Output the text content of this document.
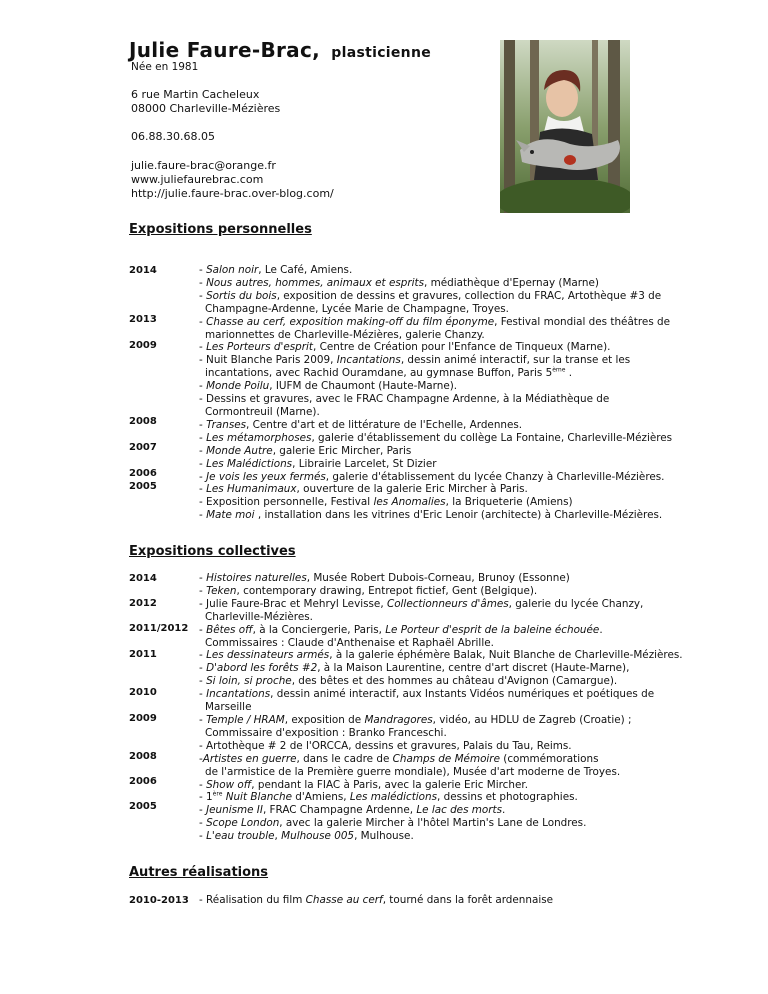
Julie Faure-Brac, plasticienne
Née en 1981
6 rue Martin Cacheleux
08000 Charleville-Mézières
06.88.30.68.05
julie.faure-brac@orange.fr
www.juliefaurebrac.com
http://julie.faure-brac.over-blog.com/
Expositions personnelles
2014
2013
2009
2008
2007
2006
2005
- Salon noir, Le Café, Amiens.
- Nous autres, hommes, animaux et esprits, médiathèque d'Epernay (Marne)
- Sortis du bois, exposition de dessins et gravures, collection du FRAC, Artothèque #3 de
Champagne-Ardenne, Lycée Marie de Champagne, Troyes.
- Chasse au cerf, exposition making-off du film éponyme, Festival mondial des théâtres de
marionnettes de Charleville-Mézières, galerie Chanzy.
- Les Porteurs d'esprit, Centre de Création pour l'Enfance de Tinqueux (Marne).
- Nuit Blanche Paris 2009, Incantations, dessin animé interactif, sur la transe et les
incantations, avec Rachid Ouramdane, au gymnase Buffon, Paris 5ème .
- Monde Poilu, IUFM de Chaumont (Haute-Marne).
- Dessins et gravures, avec le FRAC Champagne Ardenne, à la Médiathèque de
Cormontreuil (Marne).
- Transes, Centre d'art et de littérature de l'Echelle, Ardennes.
- Les métamorphoses, galerie d'établissement du collège La Fontaine, Charleville-Mézières
- Monde Autre, galerie Eric Mircher, Paris
- Les Malédictions, Librairie Larcelet, St Dizier
- Je vois les yeux fermés, galerie d'établissement du lycée Chanzy à Charleville-Mézières.
- Les Humanimaux, ouverture de la galerie Eric Mircher à Paris.
- Exposition personnelle, Festival les Anomalies, la Briqueterie (Amiens)
- Mate moi , installation dans les vitrines d'Eric Lenoir (architecte) à Charleville-Mézières.
Expositions collectives
2014
2012
2011/2012
2011
2010
2009
2008
2006
2005
- Histoires naturelles, Musée Robert Dubois-Corneau, Brunoy (Essonne)
- Teken, contemporary drawing, Entrepot fictief, Gent (Belgique).
- Julie Faure-Brac et Mehryl Levisse, Collectionneurs d'âmes, galerie du lycée Chanzy,
Charleville-Mézières.
- Bêtes off, à la Conciergerie, Paris, Le Porteur d'esprit de la baleine échouée.
Commissaires : Claude d'Anthenaise et Raphaël Abrille.
- Les dessinateurs armés, à la galerie éphémère Balak, Nuit Blanche de Charleville-Mézières.
- D'abord les forêts #2, à la Maison Laurentine, centre d'art discret (Haute-Marne),
- Si loin, si proche, des bêtes et des hommes au château d'Avignon (Camargue).
- Incantations, dessin animé interactif, aux Instants Vidéos numériques et poétiques de
Marseille
- Temple / HRAM, exposition de Mandragores, vidéo, au HDLU de Zagreb (Croatie) ;
Commissaire d'exposition : Branko Franceschi.
- Artothèque # 2 de l'ORCCA, dessins et gravures, Palais du Tau, Reims.
-Artistes en guerre, dans le cadre de Champs de Mémoire (commémorations
de l'armistice de la Première guerre mondiale), Musée d'art moderne de Troyes.
- Show off, pendant la FIAC à Paris, avec la galerie Eric Mircher.
- 1ère Nuit Blanche d'Amiens, Les malédictions, dessins et photographies.
- Jeunisme II, FRAC Champagne Ardenne, Le lac des morts.
- Scope London, avec la galerie Mircher à l'hôtel Martin's Lane de Londres.
- L'eau trouble, Mulhouse 005, Mulhouse.
Autres réalisations
2010-2013 - Réalisation du film Chasse au cerf, tourné dans la forêt ardennaise
